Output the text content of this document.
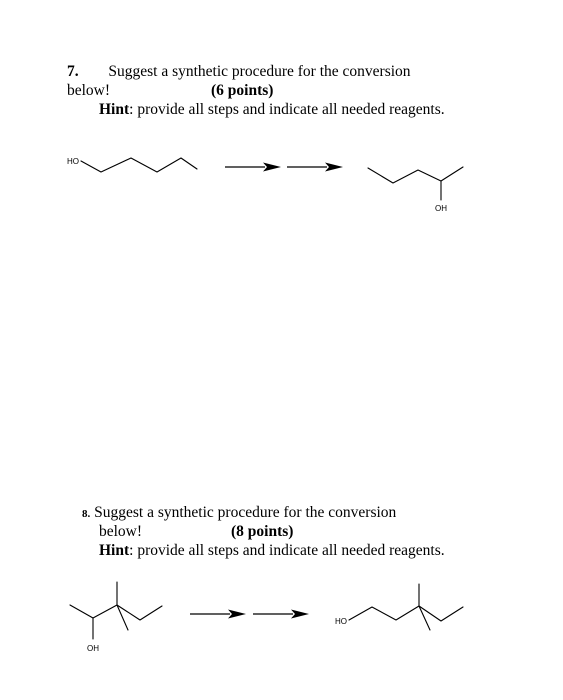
7. Suggest a synthetic procedure for the conversion
below!	(6 points)
Hint: provide all steps and indicate all needed reagents.
HO
OH
8. Suggest a synthetic procedure for the conversion
below!	(8 points)
Hint: provide all steps and indicate all needed reagents.
OH
HO
